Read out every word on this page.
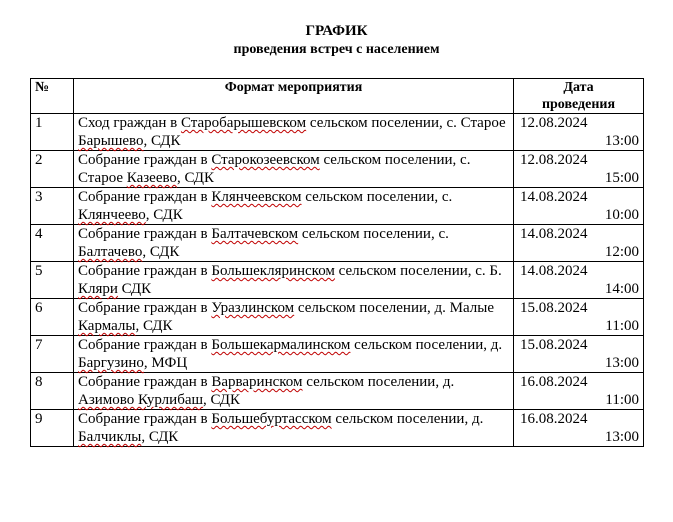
ГРАФИК
проведения встреч с населением
№	Формат мероприятия	Дата
проведения
1	Сход граждан в Старобарышевском сельском поселении, с. Старое Барышево, СДК	12.08.2024
13:00

2	Собрание граждан в Старокозеевском сельском поселении, с. Старое Казеево, СДК	12.08.2024
15:00

3	Собрание граждан в Клянчеевском сельском поселении, с. Клянчеево, СДК	14.08.2024
10:00

4	Собрание граждан в Балтачевском сельском поселении, с. Балтачево, СДК	14.08.2024
12:00

5	Собрание граждан в Большекляринском сельском поселении, с. Б. Кляри СДК	14.08.2024
14:00

6	Собрание граждан в Уразлинском сельском поселении, д. Малые Кармалы, СДК	15.08.2024
11:00

7	Собрание граждан в Большекармалинском сельском поселении, д. Баргузино, МФЦ	15.08.2024
13:00

8	Собрание граждан в Варваринском сельском поселении, д. Азимово Курлибаш, СДК	16.08.2024
11:00

9	Собрание граждан в Большебуртасском сельском поселении, д. Балчиклы, СДК	16.08.2024
13:00
